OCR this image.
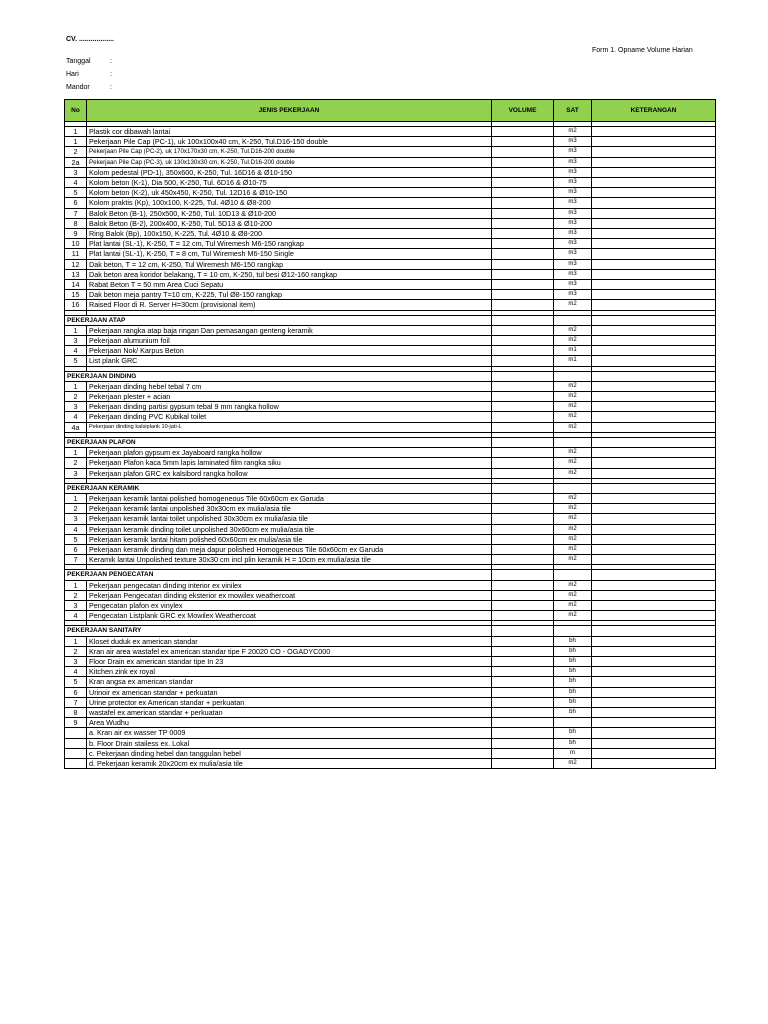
CV. ..................
Form 1. Opname Volume Harian
Tanggal	:
Hari	:
Mandor	:
No	JENIS PEKERJAAN	VOLUME	SAT	KETERANGAN

1	Plastik cor dibawah lantai		m2	
1	Pekerjaan Pile Cap (PC-1), uk 100x100x40 cm, K-250, Tul.D16-150 double		m3	
2	Pekerjaan Pile Cap (PC-2), uk 170x170x30 cm, K-250, Tul.D16-200 double		m3	
2a	Pekerjaan Pile Cap (PC-3), uk 130x130x30 cm, K-250, Tul.D16-200 double		m3	
3	Kolom pedestal (PD-1), 350x600, K-250, Tul. 16D16 & Ø10-150		m3	
4	Kolom beton (K-1), Dia 500, K-250, Tul. 6D16 & Ø10-75		m3	
5	Kolom beton (K-2), uk 450x450, K-250, Tul. 12D16 & Ø10-150		m3	
6	Kolom praktis (Kp), 100x100, K-225, Tul. 4Ø10 & Ø8-200		m3	
7	Balok Beton (B-1), 250x500, K-250, Tul. 10D13 & Ø10-200		m3	
8	Balok Beton (B-2), 200x400, K-250, Tul. 5D13 & Ø10-200		m3	
9	Ring Balok (Bp), 100x150, K-225, Tul. 4Ø10 & Ø8-200		m3	
10	Plat lantai (SL-1), K-250, T = 12 cm, Tul Wiremesh M6-150 rangkap		m3	
11	Plat lantai (SL-1), K-250, T = 8 cm, Tul Wiremesh M6-150 Single		m3	
12	Dak beton, T = 12 cm, K-250, Tul Wiremesh M6-150 rangkap		m3	
13	Dak beton area koridor belakang, T = 10 cm, K-250, tul besi Ø12-160 rangkap		m3	
14	Rabat Beton T = 50 mm Area Cuci Sepatu		m3	
15	Dak beton meja pantry T=10 cm, K-225, Tul Ø8-150 rangkap		m3	
16	Raised Floor di R. Server H=30cm (provisional item)		m2	

PEKERJAAN ATAP				
1	Pekerjaan rangka atap baja ringan Dan pemasangan genteng keramik		m2	
3	Pekerjaan alumunium foil		m2	
4	Pekerjaan Nok/ Karpus Beton		m1	
5	List plank GRC		m1	

PEKERJAAN DINDING				
1	Pekerjaan dinding hebel tebal 7 cm		m2	
2	Pekerjaan plester + acian		m2	
3	Pekerjaan dinding partisi gypsum tebal 9 mm rangka hollow		m2	
4	Pekerjaan dinding PVC Kubikal toilet		m2	
4a	Pekerjaan dinding kalsiplank 10-jati-L		m2	

PEKERJAAN PLAFON				
1	Pekerjaan plafon gypsum ex Jayaboard rangka hollow		m2	
2	Pekerjaan Plafon kaca 5mm lapis laminated film rangka siku		m2	
3	Pekerjaan plafon GRC ex kalsibord rangka hollow		m2	

PEKERJAAN KERAMIK				
1	Pekerjaan keramik lantai polished homogeneous Tile 60x60cm ex Garuda		m2	
2	Pekerjaan keramik lantai unpolished 30x30cm ex mulia/asia tile		m2	
3	Pekerjaan keramik lantai toilet unpolished 30x30cm ex mulia/asia tile		m2	
4	Pekerjaan keramik dinding toilet unpolished 30x60cm ex mulia/asia tile		m2	
5	Pekerjaan keramik lantai hitam polished 60x60cm ex mulia/asia tile		m2	
6	Pekerjaan keramik dinding dan meja dapur polished Homogeneous Tile 60x60cm ex Garuda		m2	
7	Keramik lantai Unpolished texture 30x30 cm incl plin keramik H = 10cm ex mulia/asia tile		m2	

PEKERJAAN PENGECATAN				
1	Pekerjaan pengecatan dinding interior ex vinilex		m2	
2	Pekerjaan Pengecatan dinding eksterior ex mowilex weathercoat		m2	
3	Pengecatan plafon ex vinylex		m2	
4	Pengecatan Listplank GRC ex Mowilex Weathercoat		m2	

PEKERJAAN SANITARY				
1	Kloset duduk ex american standar		bh	
2	Kran air area wastafel ex american standar tipe F 20020 CO - OGADYC000		bh	
3	Floor Drain ex american standar tipe In 23		bh	
4	Kitchen zink ex royal		bh	
5	Kran angsa ex american standar		bh	
6	Urinoir ex american standar + perkuatan		bh	
7	Urine protector ex American standar + perkuatan		bh	
8	wastafel ex american standar + perkuatan		bh	
9	Area Wudhu			
	a. Kran air ex wasser TP 0009		bh	
	b. Floor Drain stailess ex. Lokal		bh	
	c. Pekerjaan dinding hebel dan tanggulan hebel		m	
	d. Pekerjaan keramik 20x20cm ex mulia/asia tile		m2	
